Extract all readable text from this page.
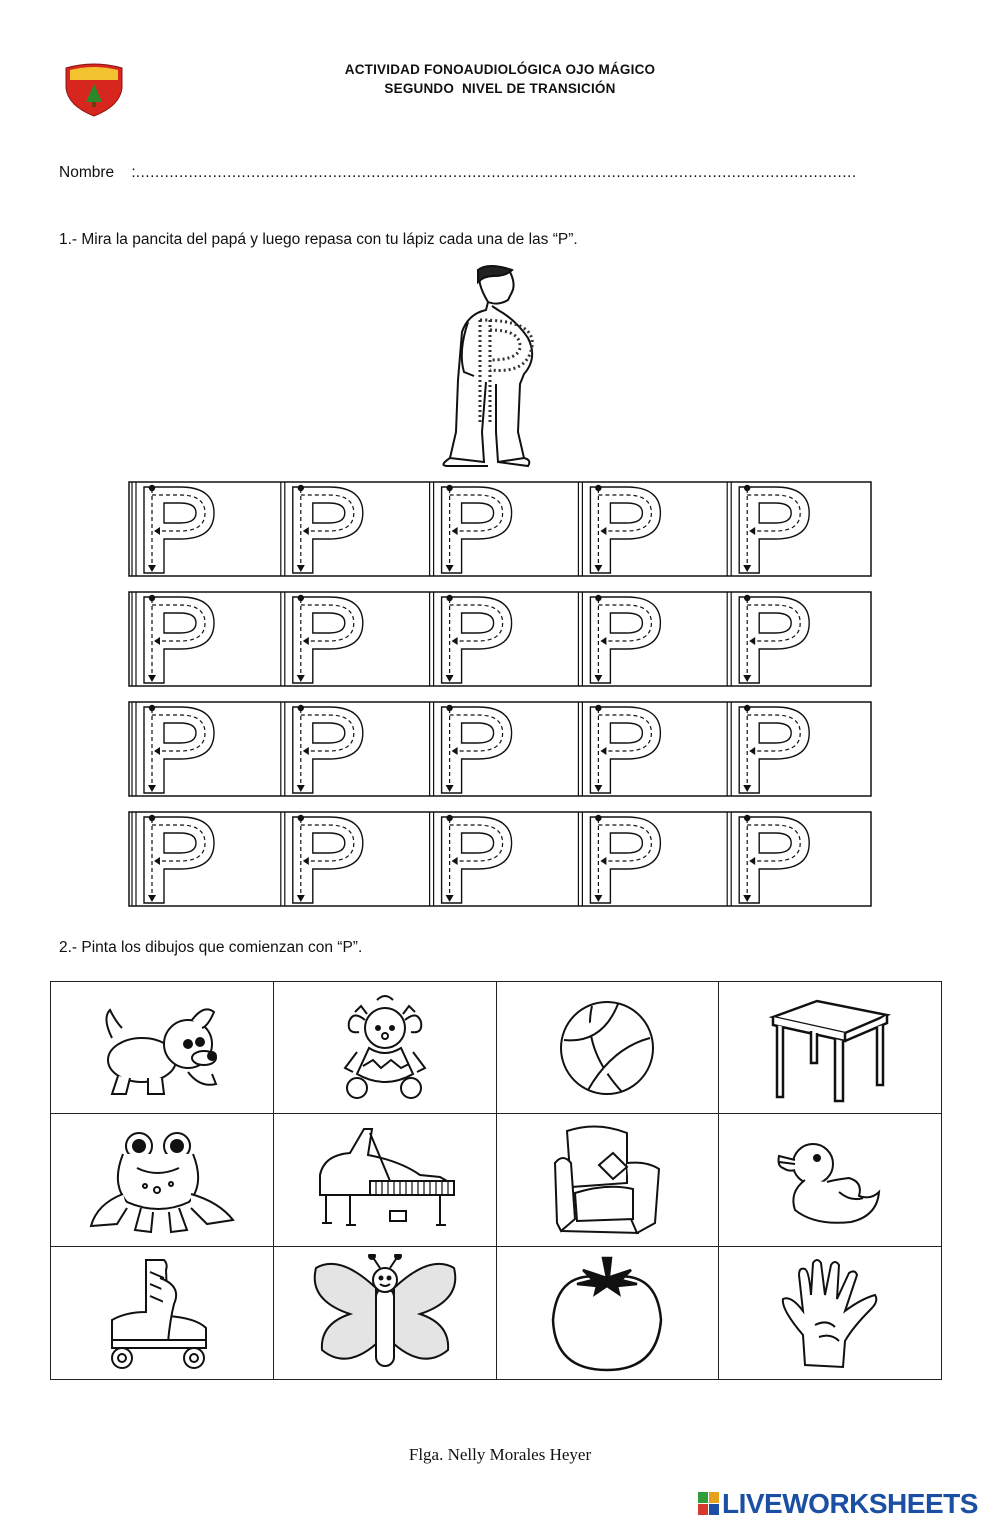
ACTIVIDAD FONOAUDIOLÓGICA OJO MÁGICO
SEGUNDO  NIVEL DE TRANSICIÓN
Nombre :......................................................................................................................................................
1.- Mira la pancita del papá y luego repasa con tu lápiz cada una de las “P”.
2.- Pinta los dibujos que comienzan con “P”.

Flga. Nelly Morales Heyer
LIVEWORKSHEETS
